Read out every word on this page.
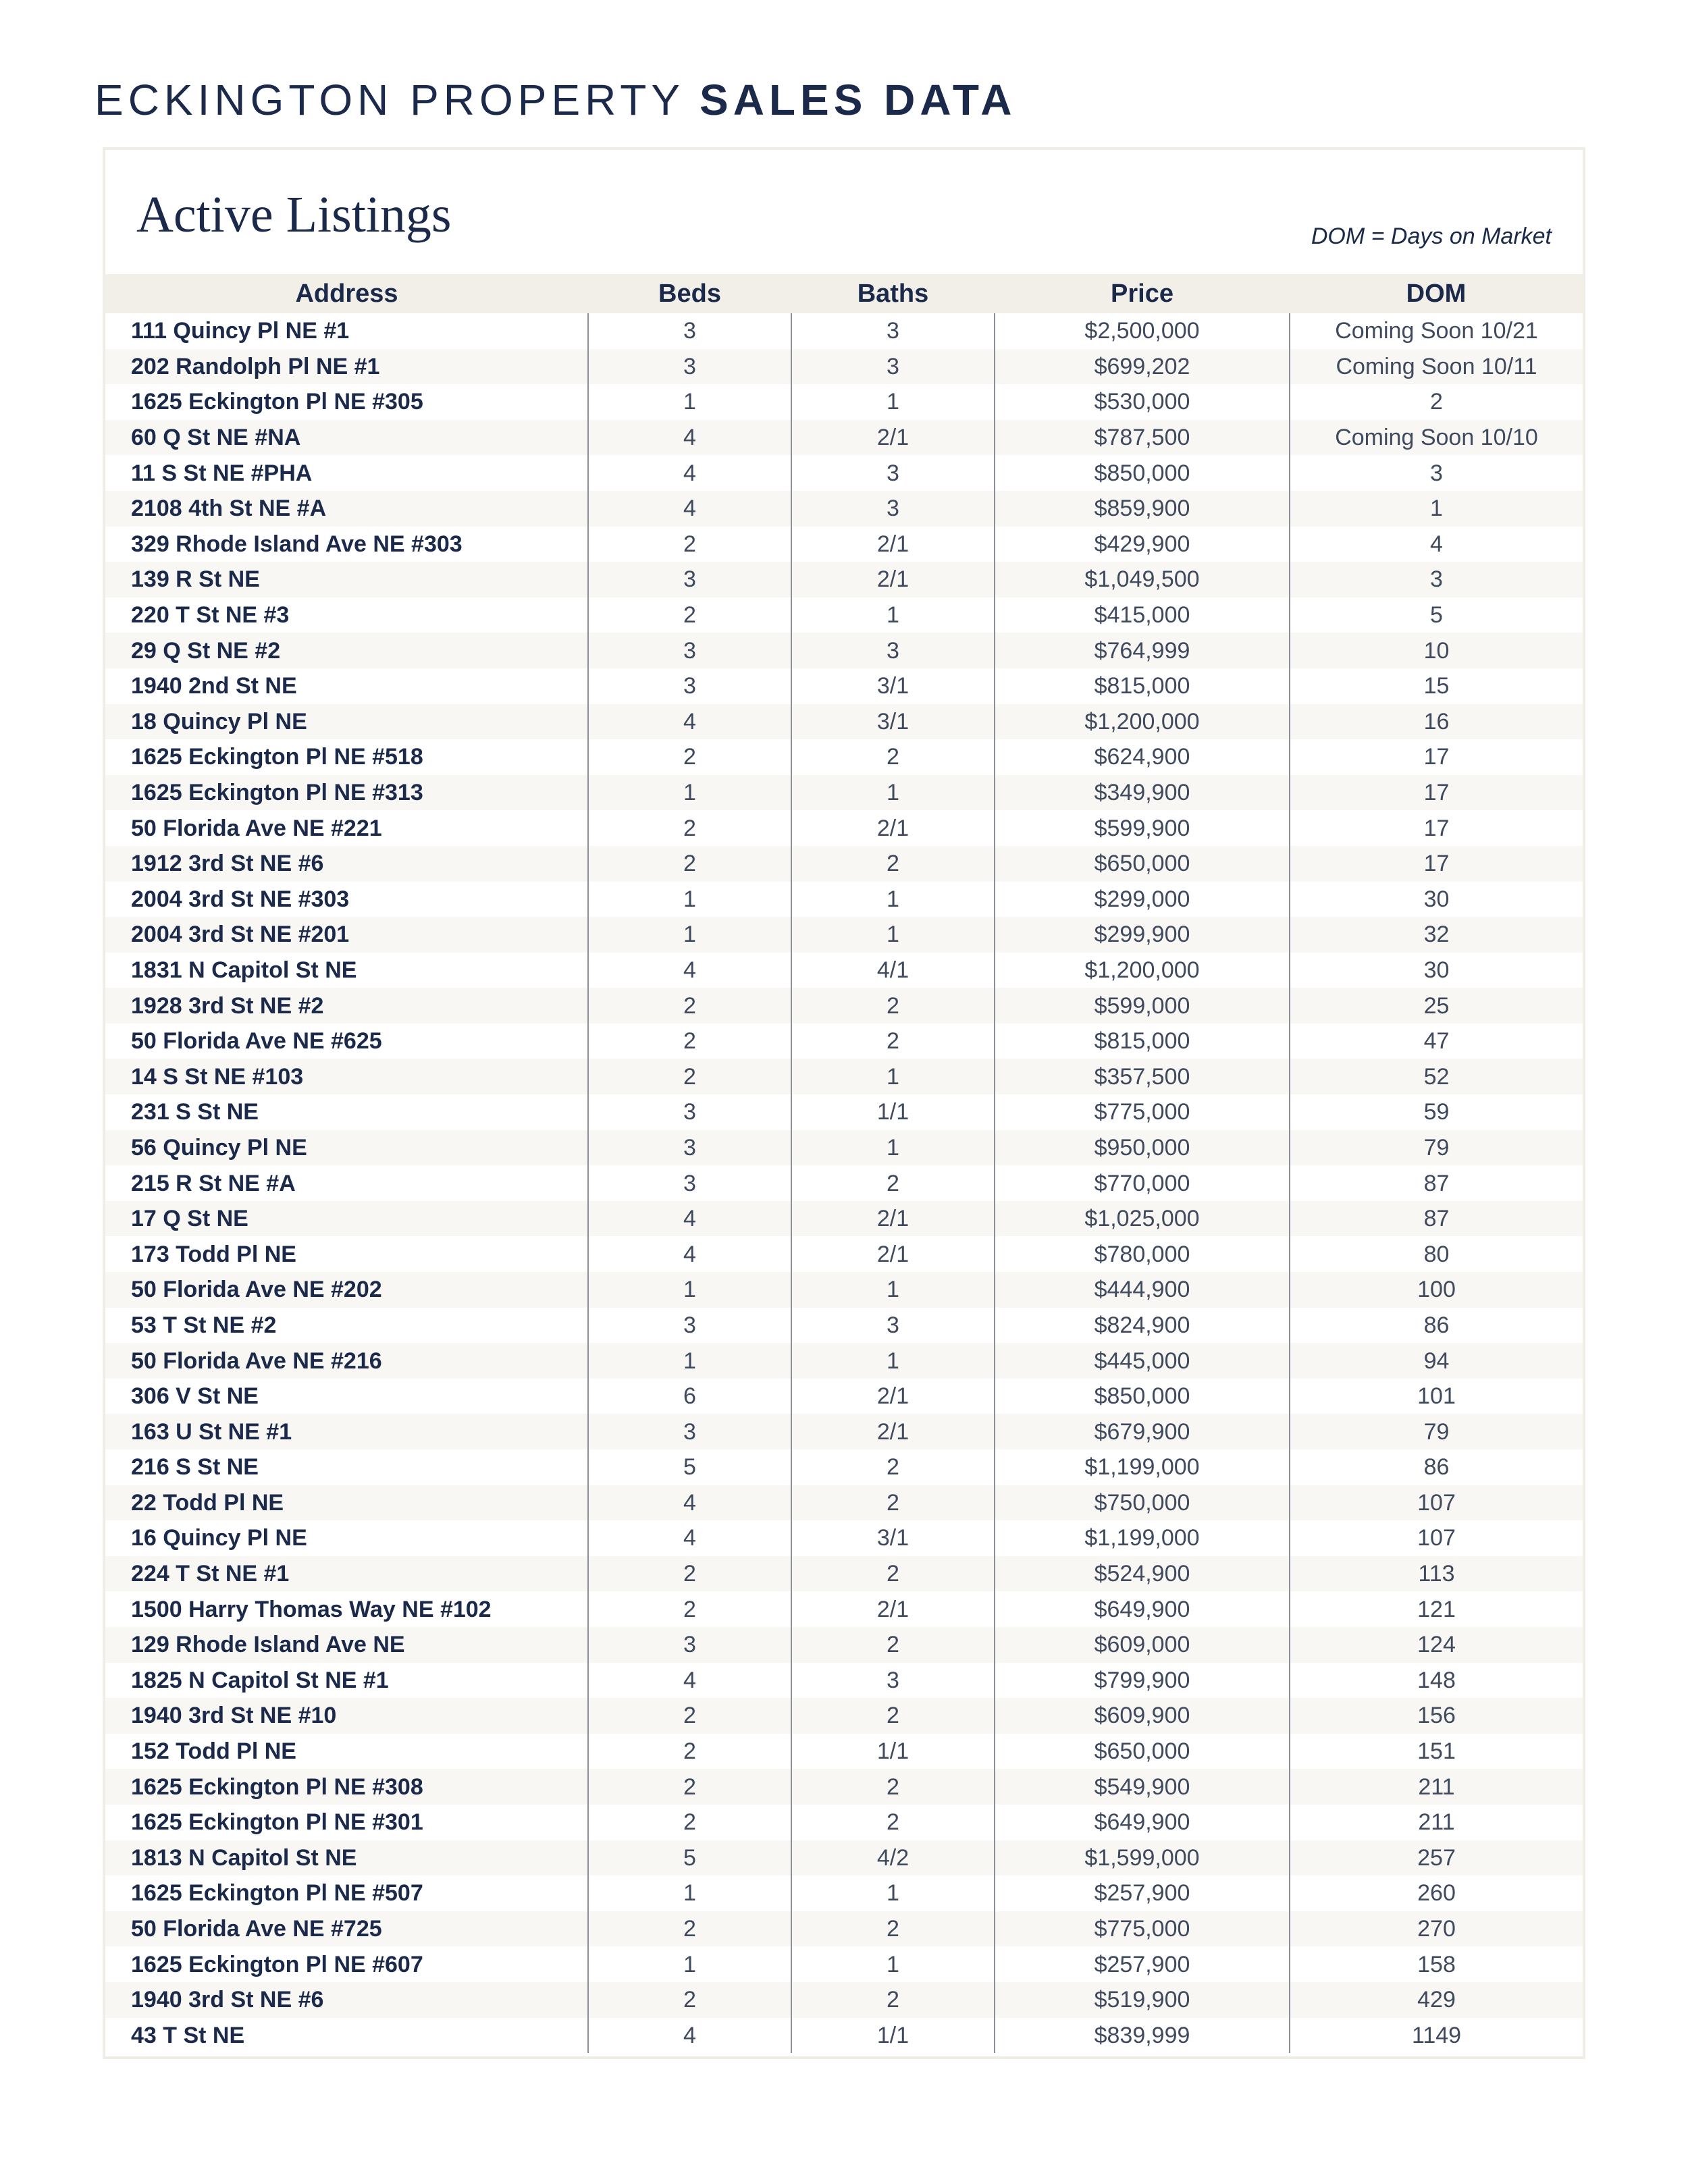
ECKINGTON PROPERTY SALES DATA
Active Listings	DOM = Days on Market
Address	Beds	Baths	Price	DOM
111 Quincy Pl NE #1	3	3	$2,500,000	Coming Soon 10/21
202 Randolph Pl NE #1	3	3	$699,202	Coming Soon 10/11
1625 Eckington Pl NE #305	1	1	$530,000	2
60 Q St NE #NA	4	2/1	$787,500	Coming Soon 10/10
11 S St NE #PHA	4	3	$850,000	3
2108 4th St NE #A	4	3	$859,900	1
329 Rhode Island Ave NE #303	2	2/1	$429,900	4
139 R St NE	3	2/1	$1,049,500	3
220 T St NE #3	2	1	$415,000	5
29 Q St NE #2	3	3	$764,999	10
1940 2nd St NE	3	3/1	$815,000	15
18 Quincy Pl NE	4	3/1	$1,200,000	16
1625 Eckington Pl NE #518	2	2	$624,900	17
1625 Eckington Pl NE #313	1	1	$349,900	17
50 Florida Ave NE #221	2	2/1	$599,900	17
1912 3rd St NE #6	2	2	$650,000	17
2004 3rd St NE #303	1	1	$299,000	30
2004 3rd St NE #201	1	1	$299,900	32
1831 N Capitol St NE	4	4/1	$1,200,000	30
1928 3rd St NE #2	2	2	$599,000	25
50 Florida Ave NE #625	2	2	$815,000	47
14 S St NE #103	2	1	$357,500	52
231 S St NE	3	1/1	$775,000	59
56 Quincy Pl NE	3	1	$950,000	79
215 R St NE #A	3	2	$770,000	87
17 Q St NE	4	2/1	$1,025,000	87
173 Todd Pl NE	4	2/1	$780,000	80
50 Florida Ave NE #202	1	1	$444,900	100
53 T St NE #2	3	3	$824,900	86
50 Florida Ave NE #216	1	1	$445,000	94
306 V St NE	6	2/1	$850,000	101
163 U St NE #1	3	2/1	$679,900	79
216 S St NE	5	2	$1,199,000	86
22 Todd Pl NE	4	2	$750,000	107
16 Quincy Pl NE	4	3/1	$1,199,000	107
224 T St NE #1	2	2	$524,900	113
1500 Harry Thomas Way NE #102	2	2/1	$649,900	121
129 Rhode Island Ave NE	3	2	$609,000	124
1825 N Capitol St NE #1	4	3	$799,900	148
1940 3rd St NE #10	2	2	$609,900	156
152 Todd Pl NE	2	1/1	$650,000	151
1625 Eckington Pl NE #308	2	2	$549,900	211
1625 Eckington Pl NE #301	2	2	$649,900	211
1813 N Capitol St NE	5	4/2	$1,599,000	257
1625 Eckington Pl NE #507	1	1	$257,900	260
50 Florida Ave NE #725	2	2	$775,000	270
1625 Eckington Pl NE #607	1	1	$257,900	158
1940 3rd St NE #6	2	2	$519,900	429
43 T St NE	4	1/1	$839,999	1149
